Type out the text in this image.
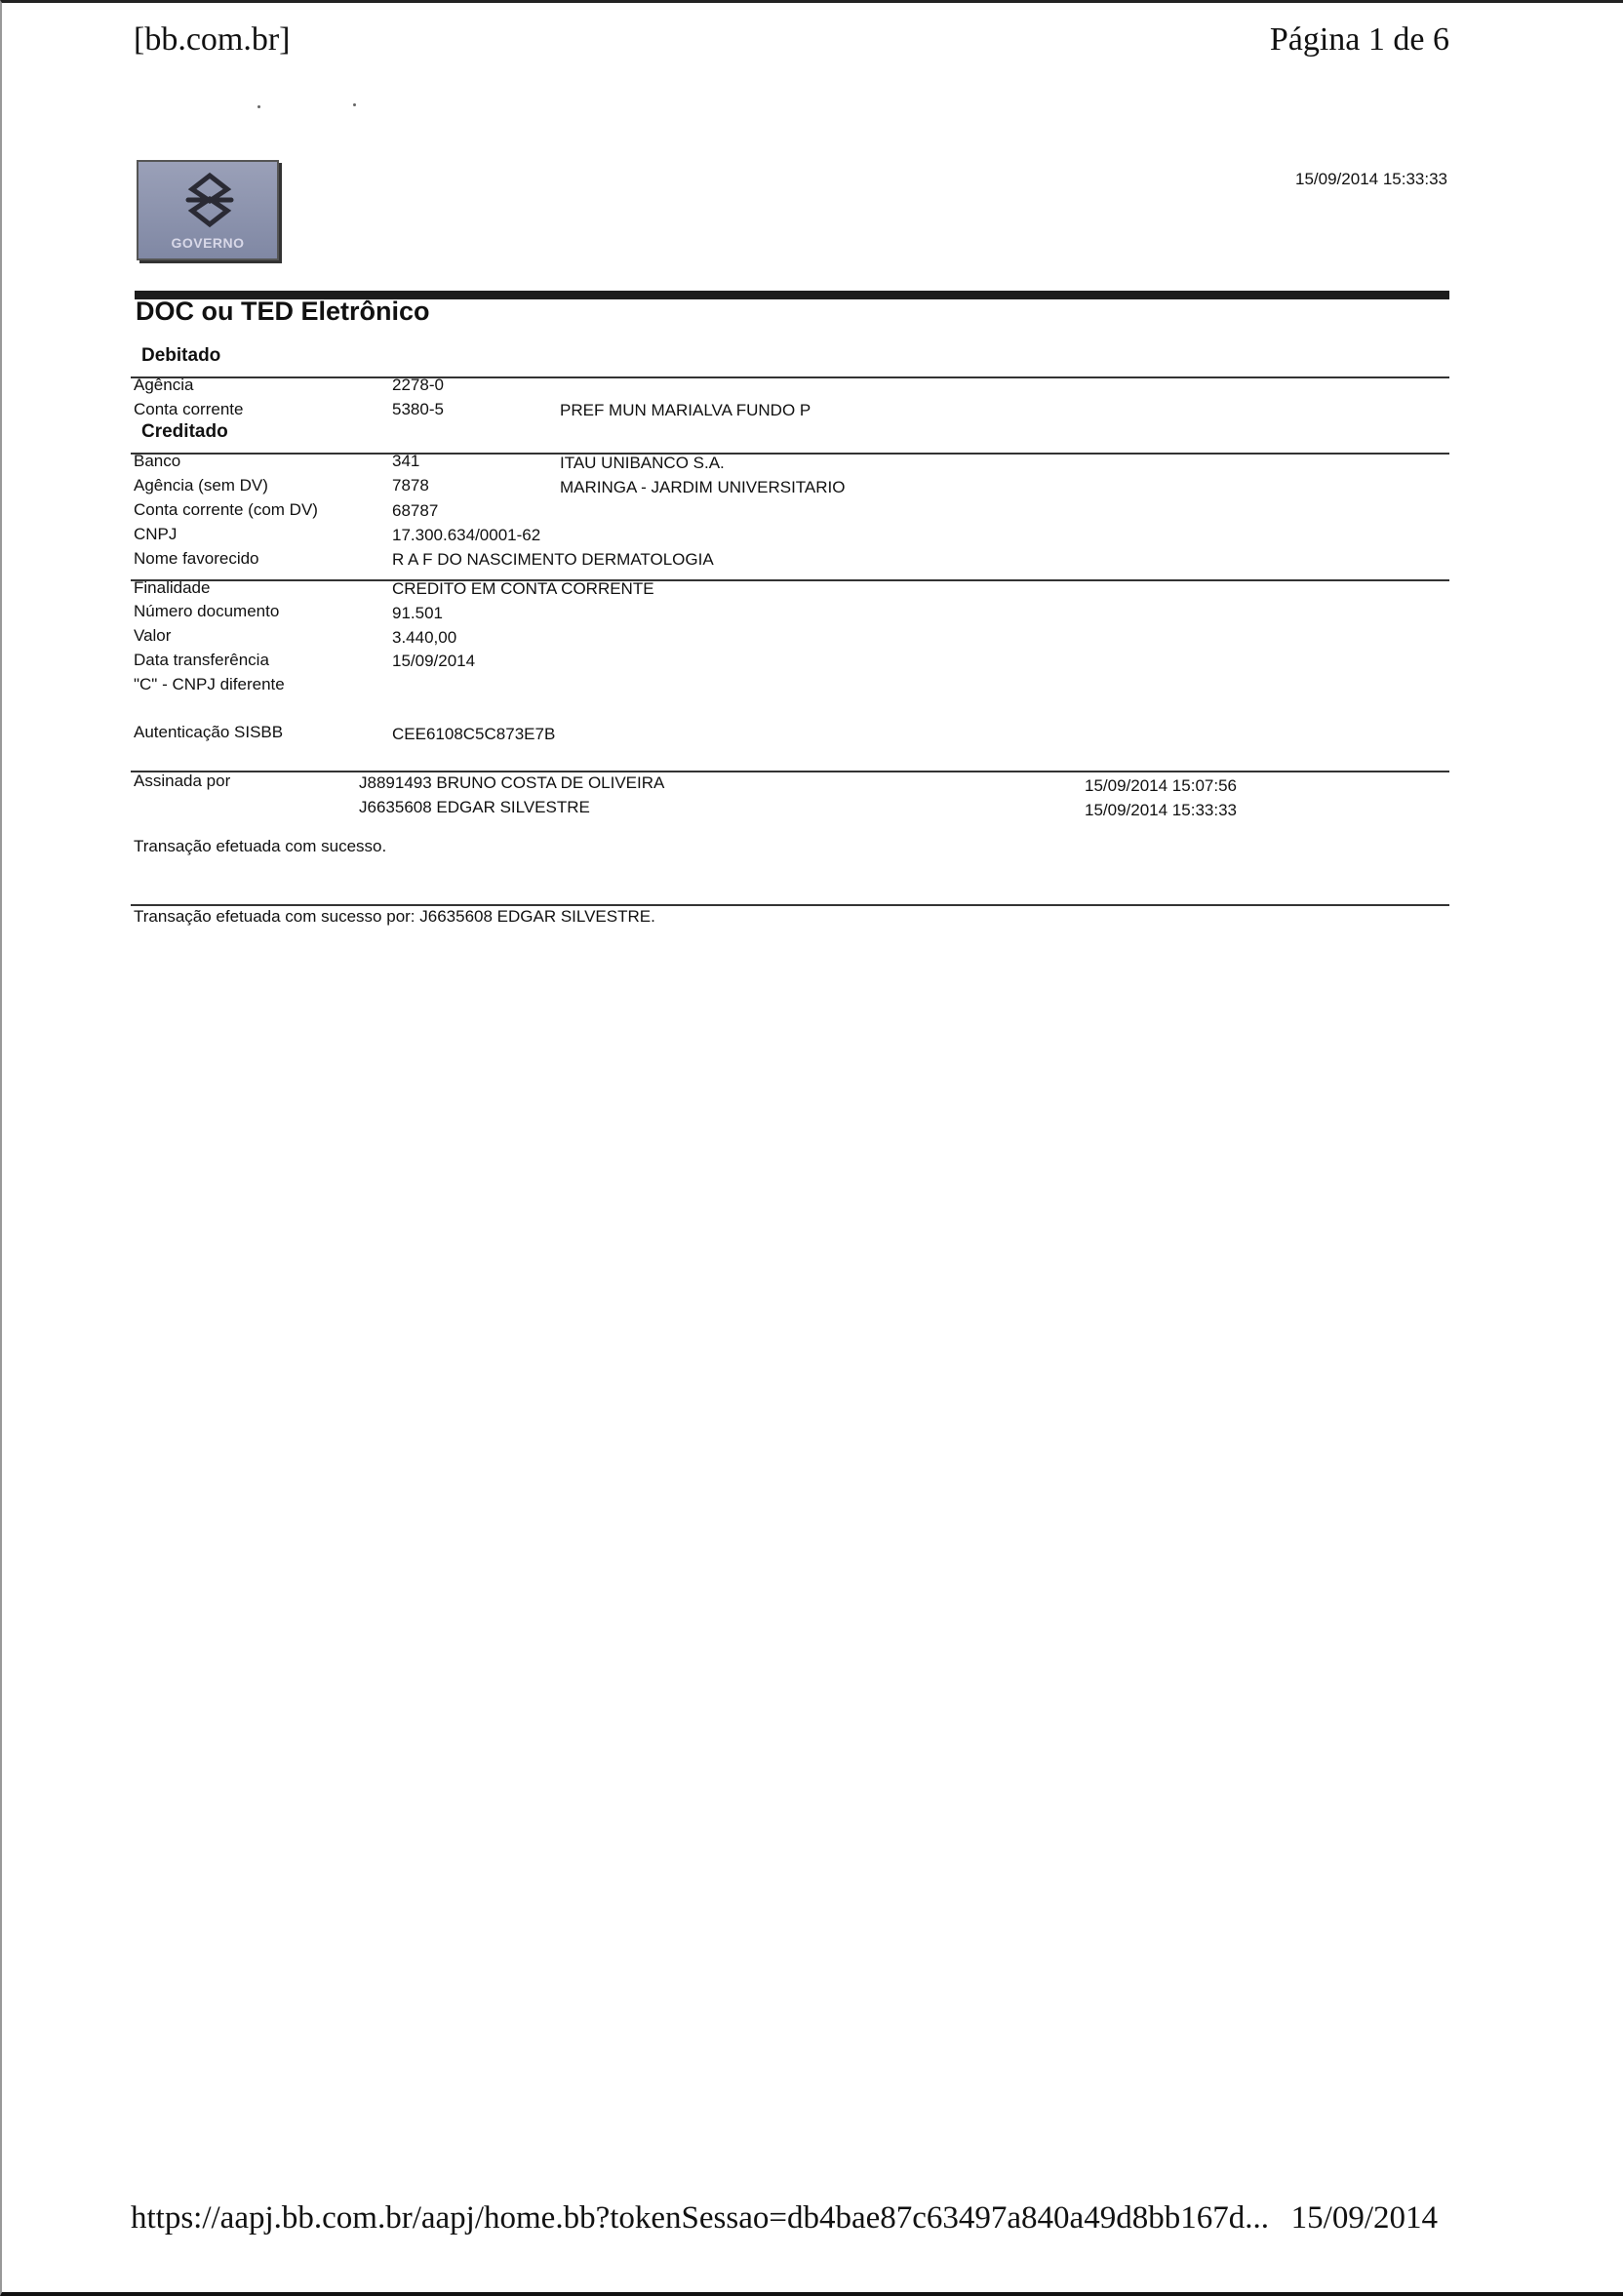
[bb.com.br]	Página 1 de 6
GOVERNO
15/09/2014 15:33:33
DOC ou TED Eletrônico
Debitado
Agência	2278-0
Conta corrente	5380-5	PREF MUN MARIALVA FUNDO P
Creditado
Banco	341	ITAU UNIBANCO S.A.
Agência (sem DV)	7878	MARINGA - JARDIM UNIVERSITARIO
Conta corrente (com DV)	68787
CNPJ	17.300.634/0001-62
Nome favorecido	R A F DO NASCIMENTO DERMATOLOGIA
Finalidade	CREDITO EM CONTA CORRENTE
Número documento	91.501
Valor	3.440,00
Data transferência	15/09/2014
"C" - CNPJ diferente
Autenticação SISBB	CEE6108C5C873E7B
Assinada por	J8891493 BRUNO COSTA DE OLIVEIRA	15/09/2014 15:07:56
J6635608 EDGAR SILVESTRE	15/09/2014 15:33:33
Transação efetuada com sucesso.
Transação efetuada com sucesso por: J6635608 EDGAR SILVESTRE.
https://aapj.bb.com.br/aapj/home.bb?tokenSessao=db4bae87c63497a840a49d8bb167d... 15/09/2014
